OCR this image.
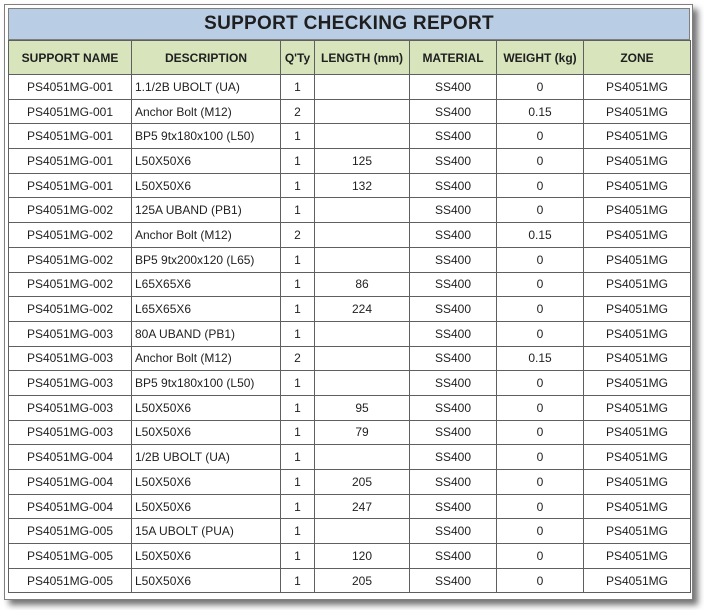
SUPPORT CHECKING REPORT
SUPPORT NAME	DESCRIPTION	Q'Ty	LENGTH (mm)	MATERIAL	WEIGHT (kg)	ZONE
PS4051MG-001	1.1/2B UBOLT (UA)	1		SS400	0	PS4051MG
PS4051MG-001	Anchor Bolt (M12)	2		SS400	0.15	PS4051MG
PS4051MG-001	BP5 9tx180x100 (L50)	1		SS400	0	PS4051MG
PS4051MG-001	L50X50X6	1	125	SS400	0	PS4051MG
PS4051MG-001	L50X50X6	1	132	SS400	0	PS4051MG
PS4051MG-002	125A UBAND (PB1)	1		SS400	0	PS4051MG
PS4051MG-002	Anchor Bolt (M12)	2		SS400	0.15	PS4051MG
PS4051MG-002	BP5 9tx200x120 (L65)	1		SS400	0	PS4051MG
PS4051MG-002	L65X65X6	1	86	SS400	0	PS4051MG
PS4051MG-002	L65X65X6	1	224	SS400	0	PS4051MG
PS4051MG-003	80A UBAND (PB1)	1		SS400	0	PS4051MG
PS4051MG-003	Anchor Bolt (M12)	2		SS400	0.15	PS4051MG
PS4051MG-003	BP5 9tx180x100 (L50)	1		SS400	0	PS4051MG
PS4051MG-003	L50X50X6	1	95	SS400	0	PS4051MG
PS4051MG-003	L50X50X6	1	79	SS400	0	PS4051MG
PS4051MG-004	1/2B UBOLT (UA)	1		SS400	0	PS4051MG
PS4051MG-004	L50X50X6	1	205	SS400	0	PS4051MG
PS4051MG-004	L50X50X6	1	247	SS400	0	PS4051MG
PS4051MG-005	15A UBOLT (PUA)	1		SS400	0	PS4051MG
PS4051MG-005	L50X50X6	1	120	SS400	0	PS4051MG
PS4051MG-005	L50X50X6	1	205	SS400	0	PS4051MG
